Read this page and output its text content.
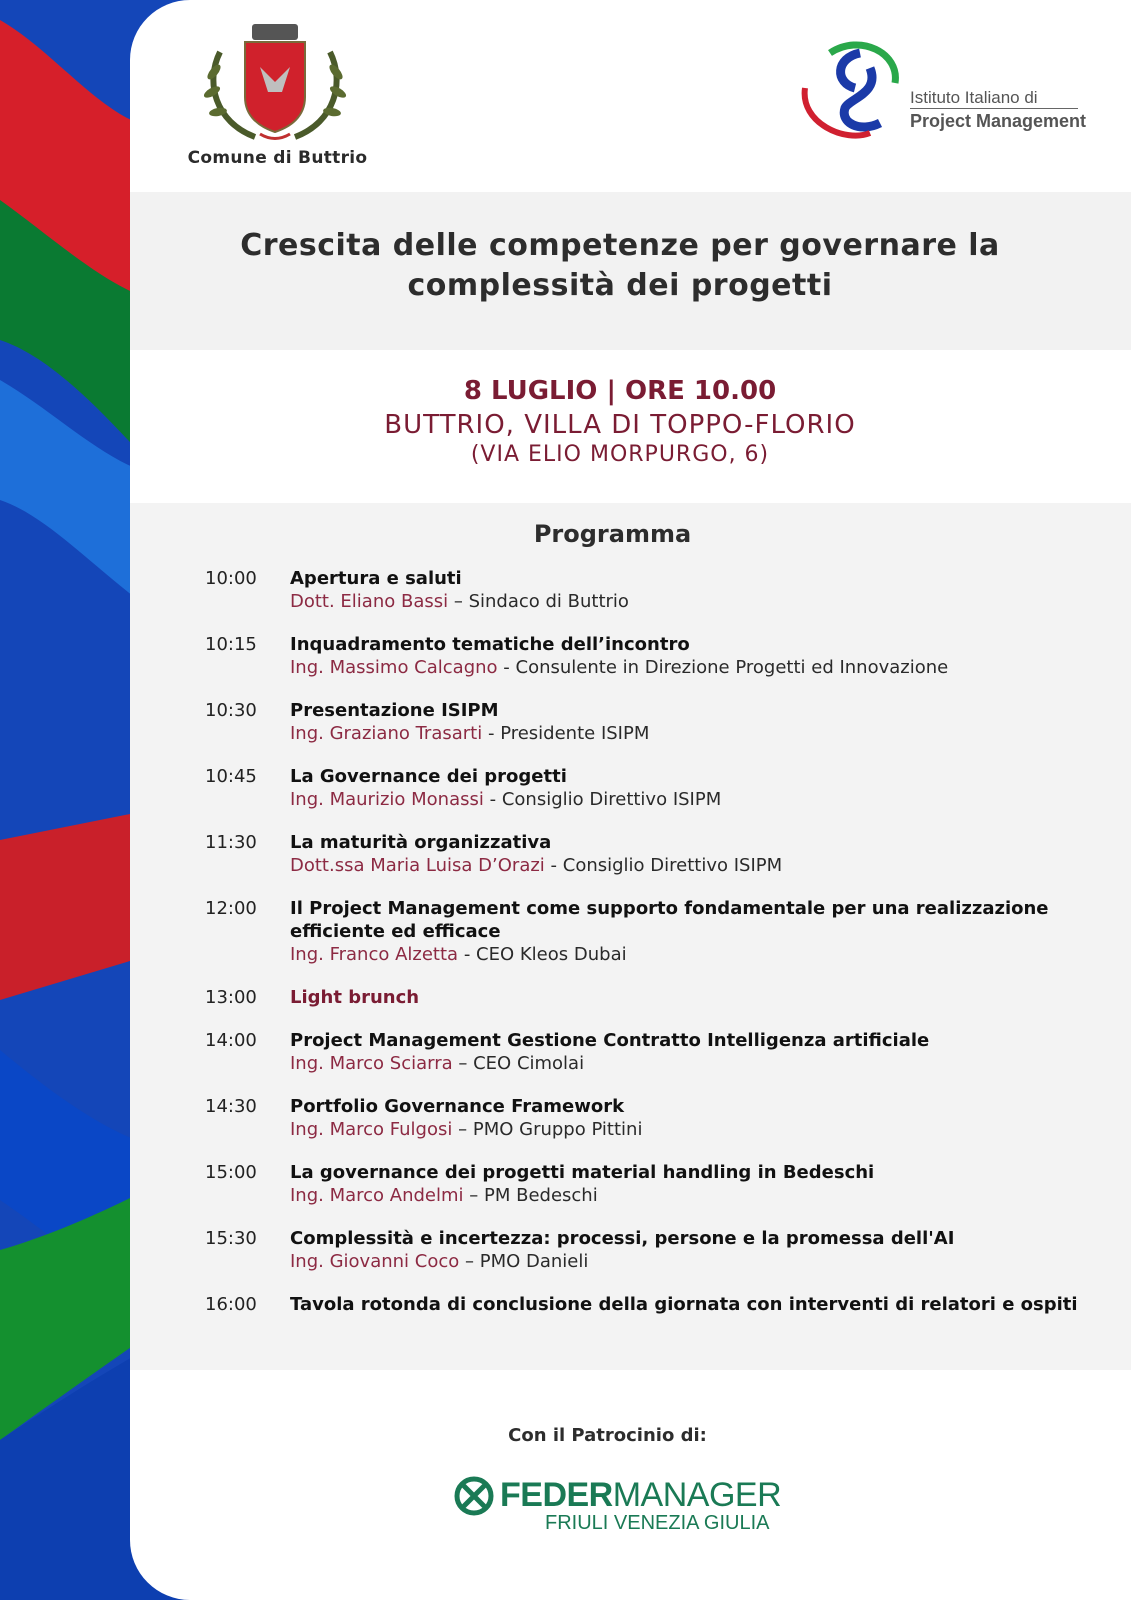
Comune di Buttrio
Istituto Italiano di
Project Management
Crescita delle competenze per governare la
complessità dei progetti
8 LUGLIO | ORE 10.00
BUTTRIO, VILLA DI TOPPO-FLORIO
(VIA ELIO MORPURGO, 6)
Programma
10:00	Apertura e saluti
Dott. Eliano Bassi – Sindaco di Buttrio
10:15	Inquadramento tematiche dell’incontro
Ing. Massimo Calcagno - Consulente in Direzione Progetti ed Innovazione
10:30	Presentazione ISIPM
Ing. Graziano Trasarti - Presidente ISIPM
10:45	La Governance dei progetti
Ing. Maurizio Monassi - Consiglio Direttivo ISIPM
11:30	La maturità organizzativa
Dott.ssa Maria Luisa D’Orazi - Consiglio Direttivo ISIPM
12:00	Il Project Management come supporto fondamentale per una realizzazione efficiente ed efficace
Ing. Franco Alzetta - CEO Kleos Dubai
13:00	Light brunch
14:00	Project Management Gestione Contratto Intelligenza artificiale
Ing. Marco Sciarra – CEO Cimolai
14:30	Portfolio Governance Framework
Ing. Marco Fulgosi – PMO Gruppo Pittini
15:00	La governance dei progetti material handling in Bedeschi
Ing. Marco Andelmi – PM Bedeschi
15:30	Complessità e incertezza: processi, persone e la promessa dell'AI
Ing. Giovanni Coco – PMO Danieli
16:00	Tavola rotonda di conclusione della giornata con interventi di relatori e ospiti
Con il Patrocinio di:
FEDERMANAGER
FRIULI VENEZIA GIULIA
